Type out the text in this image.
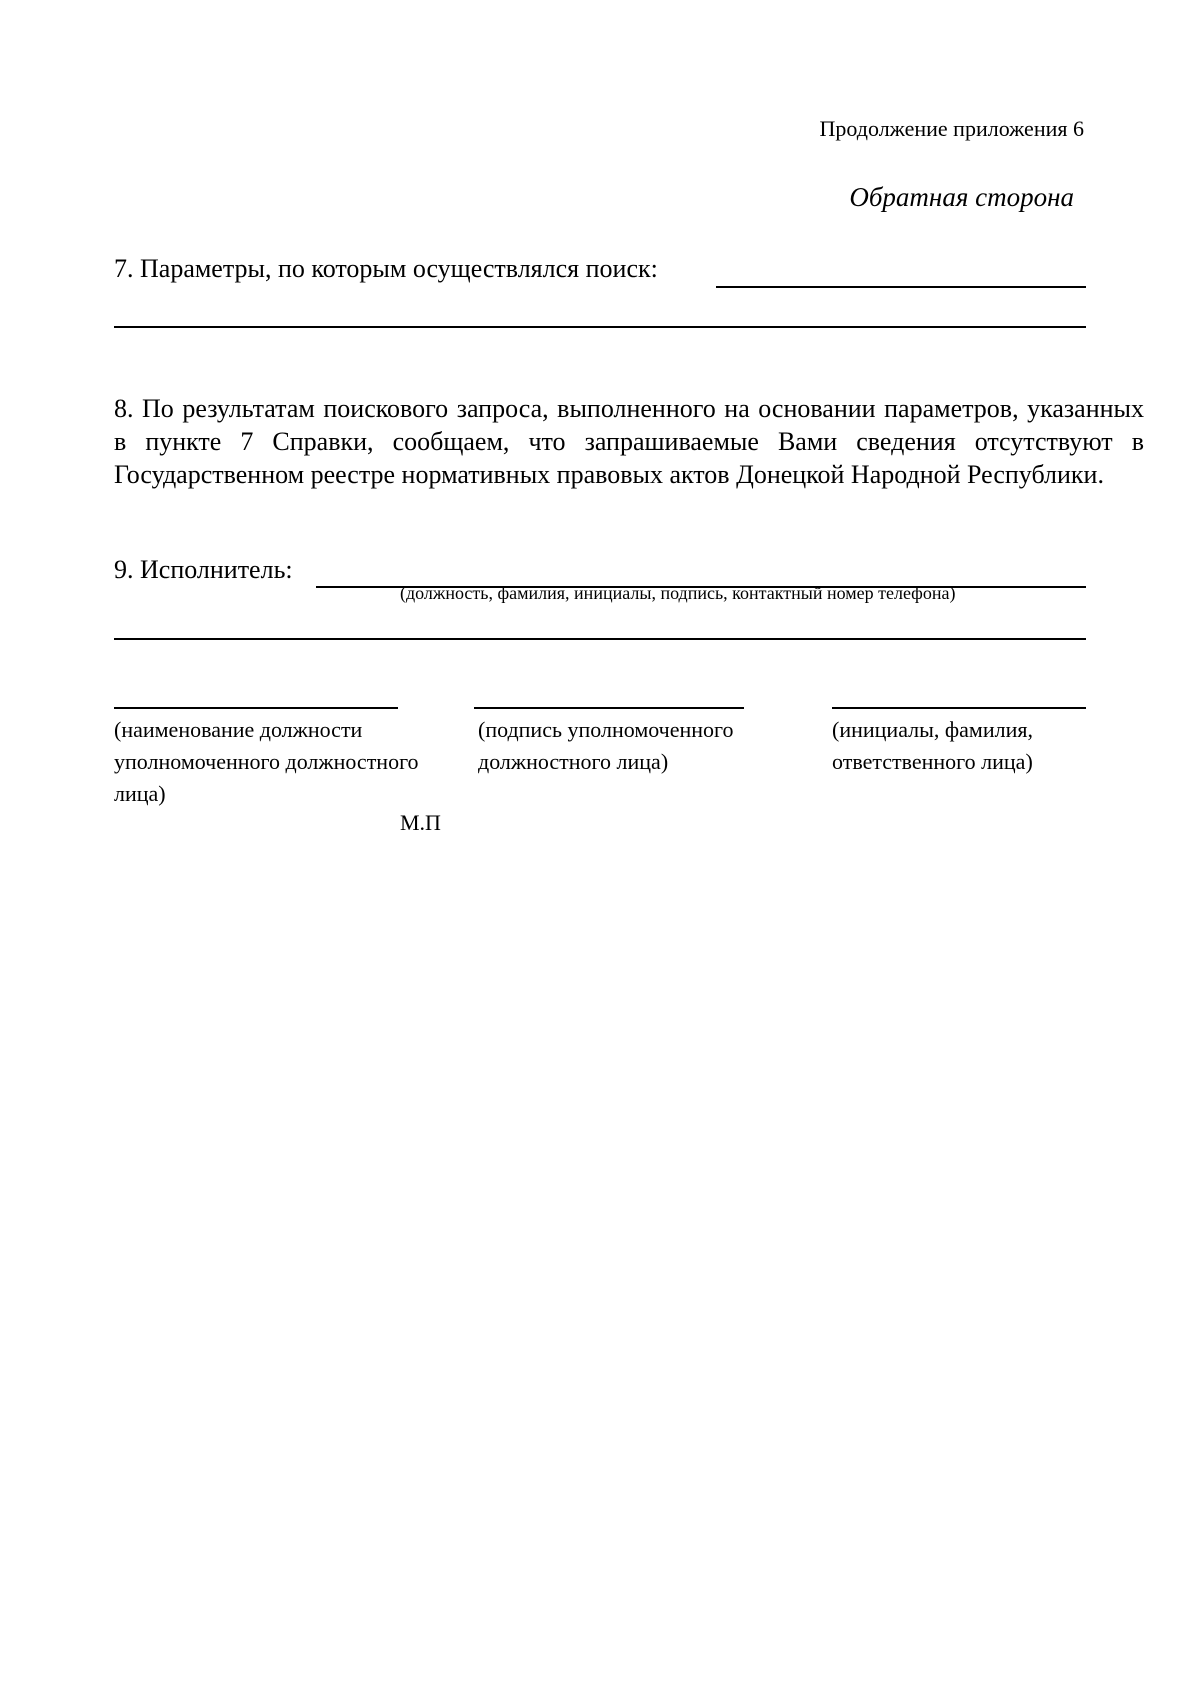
Продолжение приложения 6
Обратная сторона
7. Параметры, по которым осуществлялся поиск:
8. По результатам поискового запроса, выполненного на основании параметров, указанных в пункте 7 Справки, сообщаем, что запрашиваемые Вами сведения отсутствуют в Государственном реестре нормативных правовых актов Донецкой Народной Республики.
9. Исполнитель:
(должность, фамилия, инициалы, подпись, контактный номер телефона)
(наименование должности уполномоченного должностного лица)
(подпись уполномоченного должностного лица)
(инициалы, фамилия, ответственного лица)
М.П
